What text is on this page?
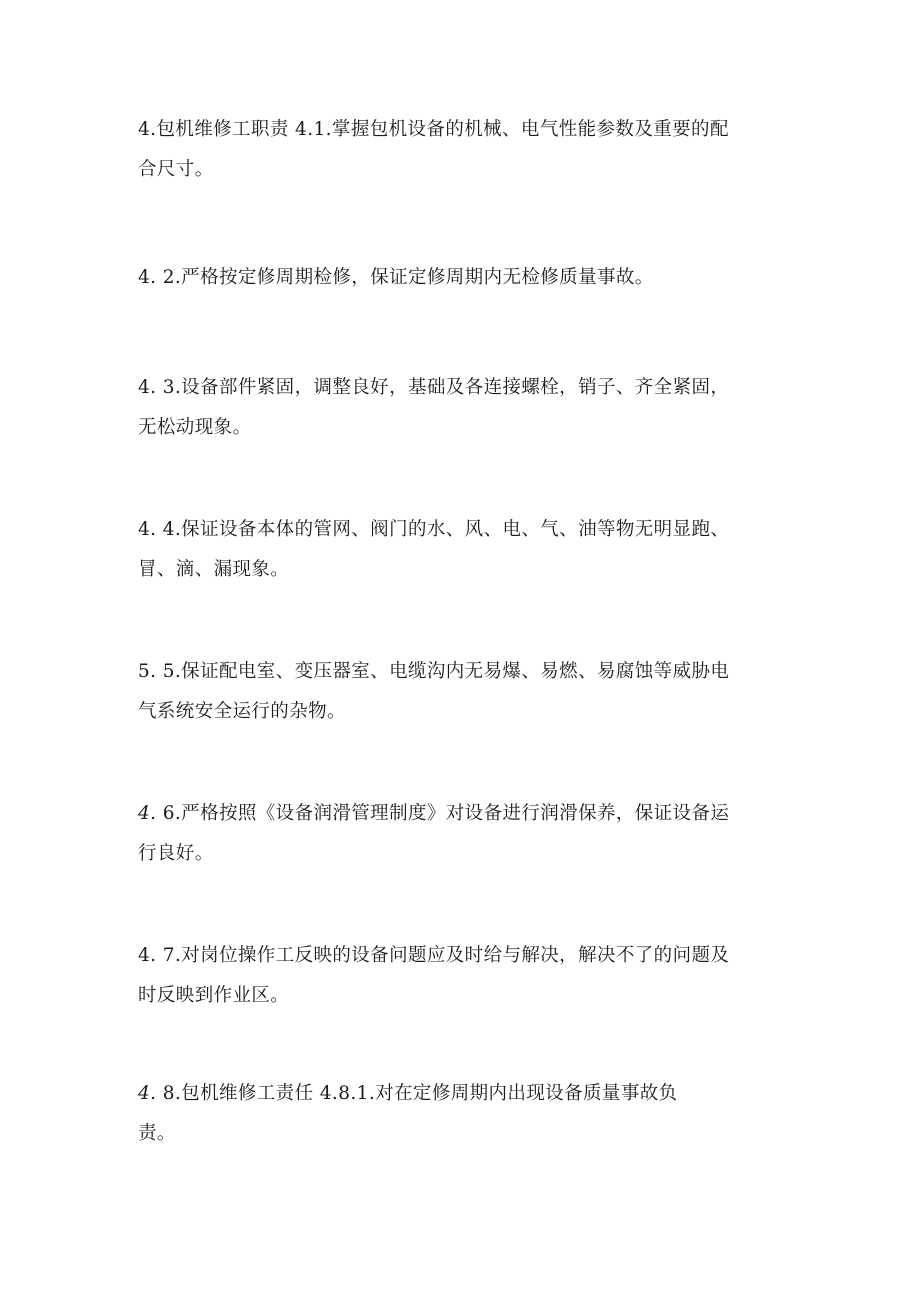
4.包机维修工职责 4.1.掌握包机设备的机械、电气性能参数及重要的配
合尺寸。
4. 2.严格按定修周期检修，保证定修周期内无检修质量事故。
4. 3.设备部件紧固，调整良好，基础及各连接螺栓，销子、齐全紧固，
无松动现象。
4. 4.保证设备本体的管网、阀门的水、风、电、气、油等物无明显跑、
冒、滴、漏现象。
5. 5.保证配电室、变压器室、电缆沟内无易爆、易燃、易腐蚀等威胁电
气系统安全运行的杂物。
4. 6.严格按照《设备润滑管理制度》对设备进行润滑保养，保证设备运
行良好。
4. 7.对岗位操作工反映的设备问题应及时给与解决，解决不了的问题及
时反映到作业区。
4. 8.包机维修工责任 4.8.1.对在定修周期内出现设备质量事故负
责。
